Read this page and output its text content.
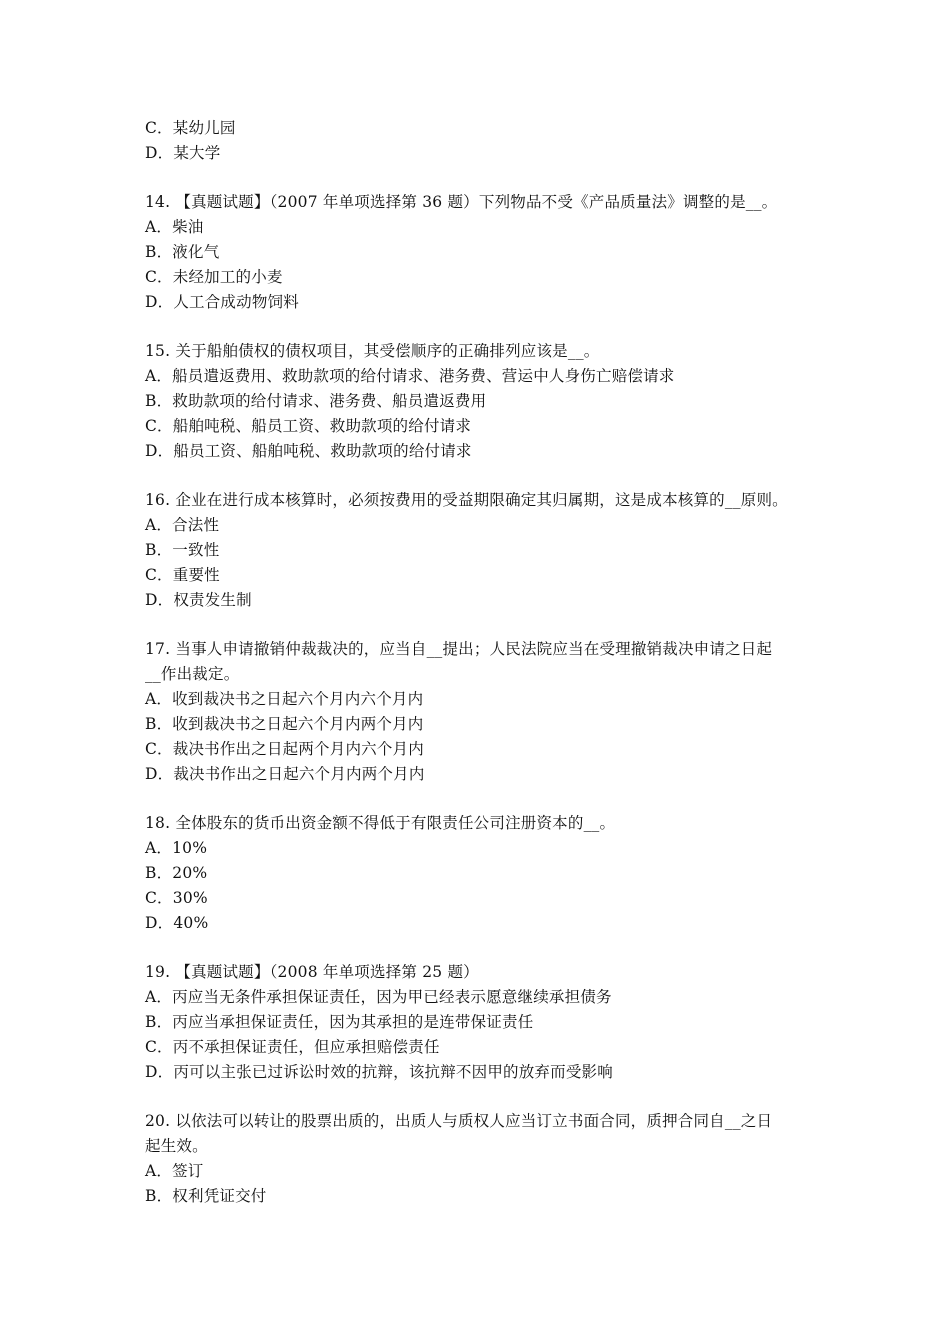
C．某幼儿园
D．某大学
14. 【真题试题】（2007 年单项选择第 36 题）下列物品不受《产品质量法》调整的是__。
A．柴油
B．液化气
C．未经加工的小麦
D．人工合成动物饲料
15. 关于船舶债权的债权项目，其受偿顺序的正确排列应该是__。
A．船员遣返费用、救助款项的给付请求、港务费、营运中人身伤亡赔偿请求
B．救助款项的给付请求、港务费、船员遣返费用
C．船舶吨税、船员工资、救助款项的给付请求
D．船员工资、船舶吨税、救助款项的给付请求
16. 企业在进行成本核算时，必须按费用的受益期限确定其归属期，这是成本核算的__原则。
A．合法性
B．一致性
C．重要性
D．权责发生制
17. 当事人申请撤销仲裁裁决的，应当自__提出；人民法院应当在受理撤销裁决申请之日起
__作出裁定。
A．收到裁决书之日起六个月内六个月内
B．收到裁决书之日起六个月内两个月内
C．裁决书作出之日起两个月内六个月内
D．裁决书作出之日起六个月内两个月内
18. 全体股东的货币出资金额不得低于有限责任公司注册资本的__。
A．10%
B．20%
C．30%
D．40%
19. 【真题试题】（2008 年单项选择第 25 题）
A．丙应当无条件承担保证责任，因为甲已经表示愿意继续承担债务
B．丙应当承担保证责任，因为其承担的是连带保证责任
C．丙不承担保证责任，但应承担赔偿责任
D．丙可以主张已过诉讼时效的抗辩，该抗辩不因甲的放弃而受影响
20. 以依法可以转让的股票出质的，出质人与质权人应当订立书面合同，质押合同自__之日
起生效。
A．签订
B．权利凭证交付
